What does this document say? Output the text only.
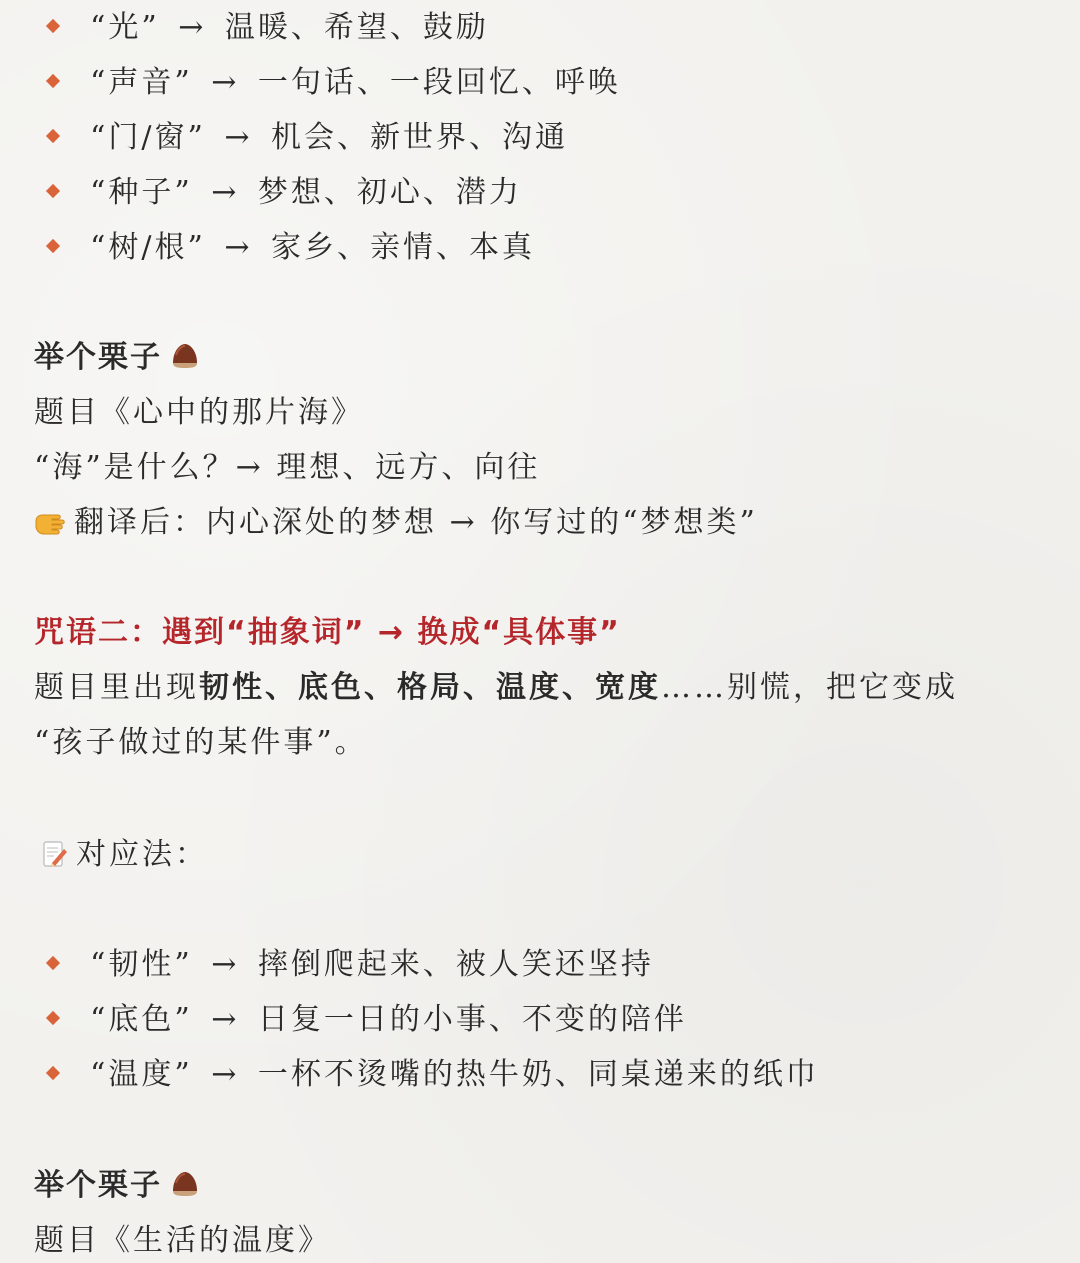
“光” → 温暖、希望、鼓励
“声音” → 一句话、一段回忆、呼唤
“门/窗” → 机会、新世界、沟通
“种子” → 梦想、初心、潜力
“树/根” → 家乡、亲情、本真
举个栗子
题目《心中的那片海》
“海”是什么？→ 理想、远方、向往
翻译后：内心深处的梦想 → 你写过的“梦想类”
咒语二：遇到“抽象词” → 换成“具体事”
题目里出现韧性、底色、格局、温度、宽度……别慌，把它变成
“孩子做过的某件事”。
对应法：
“韧性” → 摔倒爬起来、被人笑还坚持
“底色” → 日复一日的小事、不变的陪伴
“温度” → 一杯不烫嘴的热牛奶、同桌递来的纸巾
举个栗子
题目《生活的温度》
